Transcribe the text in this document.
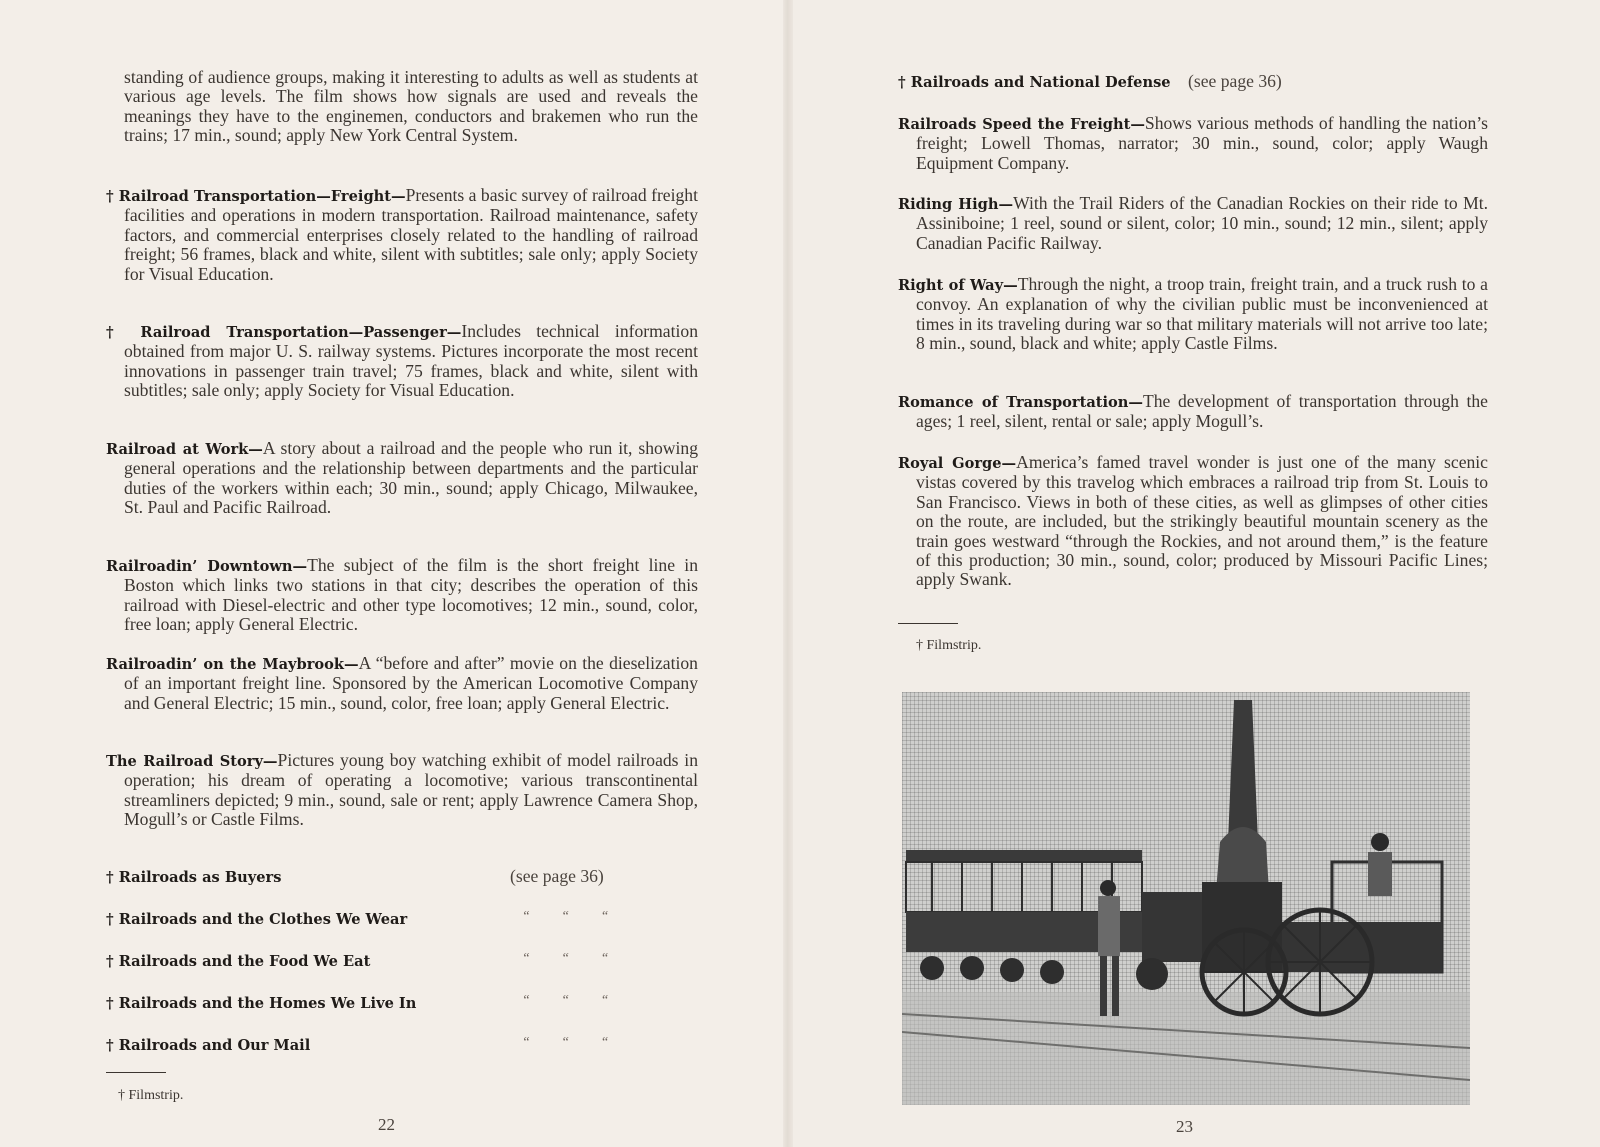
standing of audience groups, making it interesting to adults as well as students at various age levels. The film shows how signals are used and reveals the meanings they have to the enginemen, conductors and brakemen who run the trains; 17 min., sound; apply New York Central System.
† Railroad Transportation—Freight—Presents a basic survey of railroad freight facilities and operations in modern transportation. Railroad maintenance, safety factors, and commercial enterprises closely related to the handling of railroad freight; 56 frames, black and white, silent with subtitles; sale only; apply Society for Visual Education.
† Railroad Transportation—Passenger—Includes technical information obtained from major U. S. railway systems. Pictures incorporate the most recent innovations in passenger train travel; 75 frames, black and white, silent with subtitles; sale only; apply Society for Visual Education.
Railroad at Work—A story about a railroad and the people who run it, showing general operations and the relationship between departments and the particular duties of the workers within each; 30 min., sound; apply Chicago, Milwaukee, St. Paul and Pacific Railroad.
Railroadin’ Downtown—The subject of the film is the short freight line in Boston which links two stations in that city; describes the operation of this railroad with Diesel-electric and other type locomotives; 12 min., sound, color, free loan; apply General Electric.
Railroadin’ on the Maybrook—A “before and after” movie on the dieselization of an important freight line. Sponsored by the American Locomotive Company and General Electric; 15 min., sound, color, free loan; apply General Electric.
The Railroad Story—Pictures young boy watching exhibit of model railroads in operation; his dream of operating a locomotive; various transcontinental streamliners depicted; 9 min., sound, sale or rent; apply Lawrence Camera Shop, Mogull’s or Castle Films.
† Railroads as Buyers	(see page 36)
† Railroads and the Clothes We Wear	“ “ “
† Railroads and the Food We Eat	“ “ “
† Railroads and the Homes We Live In	“ “ “
† Railroads and Our Mail	“ “ “
† Filmstrip.
22
† Railroads and National Defense (see page 36)
Railroads Speed the Freight—Shows various methods of handling the nation’s freight; Lowell Thomas, narrator; 30 min., sound, color; apply Waugh Equipment Company.
Riding High—With the Trail Riders of the Canadian Rockies on their ride to Mt. Assiniboine; 1 reel, sound or silent, color; 10 min., sound; 12 min., silent; apply Canadian Pacific Railway.
Right of Way—Through the night, a troop train, freight train, and a truck rush to a convoy. An explanation of why the civilian public must be inconvenienced at times in its traveling during war so that military materials will not arrive too late; 8 min., sound, black and white; apply Castle Films.
Romance of Transportation—The development of transportation through the ages; 1 reel, silent, rental or sale; apply Mogull’s.
Royal Gorge—America’s famed travel wonder is just one of the many scenic vistas covered by this travelog which embraces a railroad trip from St. Louis to San Francisco. Views in both of these cities, as well as glimpses of other cities on the route, are included, but the strikingly beautiful mountain scenery as the train goes westward “through the Rockies, and not around them,” is the feature of this production; 30 min., sound, color; produced by Missouri Pacific Lines; apply Swank.
† Filmstrip.
23
